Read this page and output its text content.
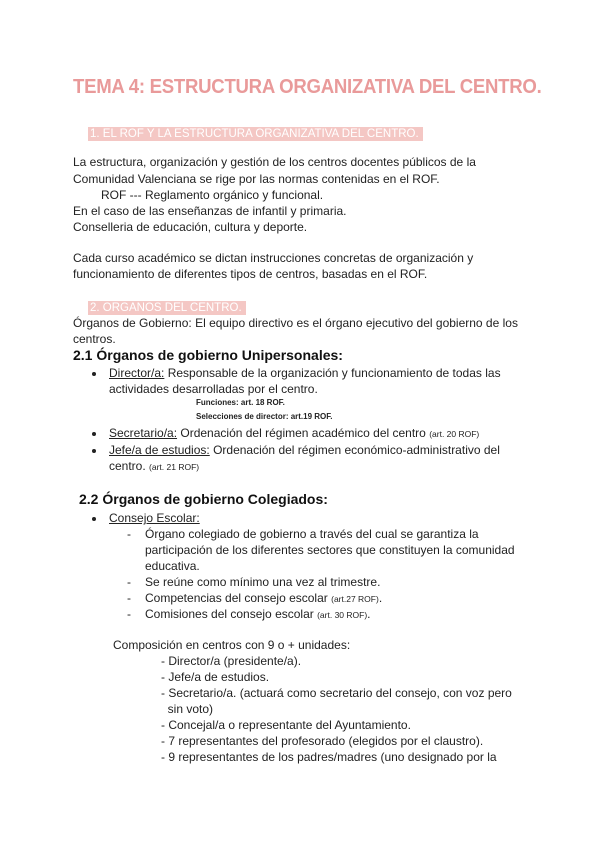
TEMA 4: ESTRUCTURA ORGANIZATIVA DEL CENTRO.
1. EL ROF Y LA ESTRUCTURA ORGANIZATIVA DEL CENTRO.
La estructura, organización y gestión de los centros docentes públicos de la
Comunidad Valenciana se rige por las normas contenidas en el ROF.
ROF --- Reglamento orgánico y funcional.
En el caso de las enseñanzas de infantil y primaria.
Conselleria de educación, cultura y deporte.
Cada curso académico se dictan instrucciones concretas de organización y
funcionamiento de diferentes tipos de centros, basadas en el ROF.
2. ORGANOS DEL CENTRO.
Órganos de Gobierno: El equipo directivo es el órgano ejecutivo del gobierno de los
centros.
2.1 Órganos de gobierno Unipersonales:
Director/a: Responsable de la organización y funcionamiento de todas las
actividades desarrolladas por el centro.
Funciones: art. 18 ROF.
Selecciones de director: art.19 ROF.
Secretario/a: Ordenación del régimen académico del centro (art. 20 ROF)
Jefe/a de estudios: Ordenación del régimen económico-administrativo del
centro. (art. 21 ROF)
2.2 Órganos de gobierno Colegiados:
Consejo Escolar:
- Órgano colegiado de gobierno a través del cual se garantiza la
participación de los diferentes sectores que constituyen la comunidad
educativa.
- Se reúne como mínimo una vez al trimestre.
- Competencias del consejo escolar (art.27 ROF).
- Comisiones del consejo escolar (art. 30 ROF).
Composición en centros con 9 o + unidades:
- Director/a (presidente/a).
- Jefe/a de estudios.
- Secretario/a. (actuará como secretario del consejo, con voz pero
sin voto)
- Concejal/a o representante del Ayuntamiento.
- 7 representantes del profesorado (elegidos por el claustro).
- 9 representantes de los padres/madres (uno designado por la
